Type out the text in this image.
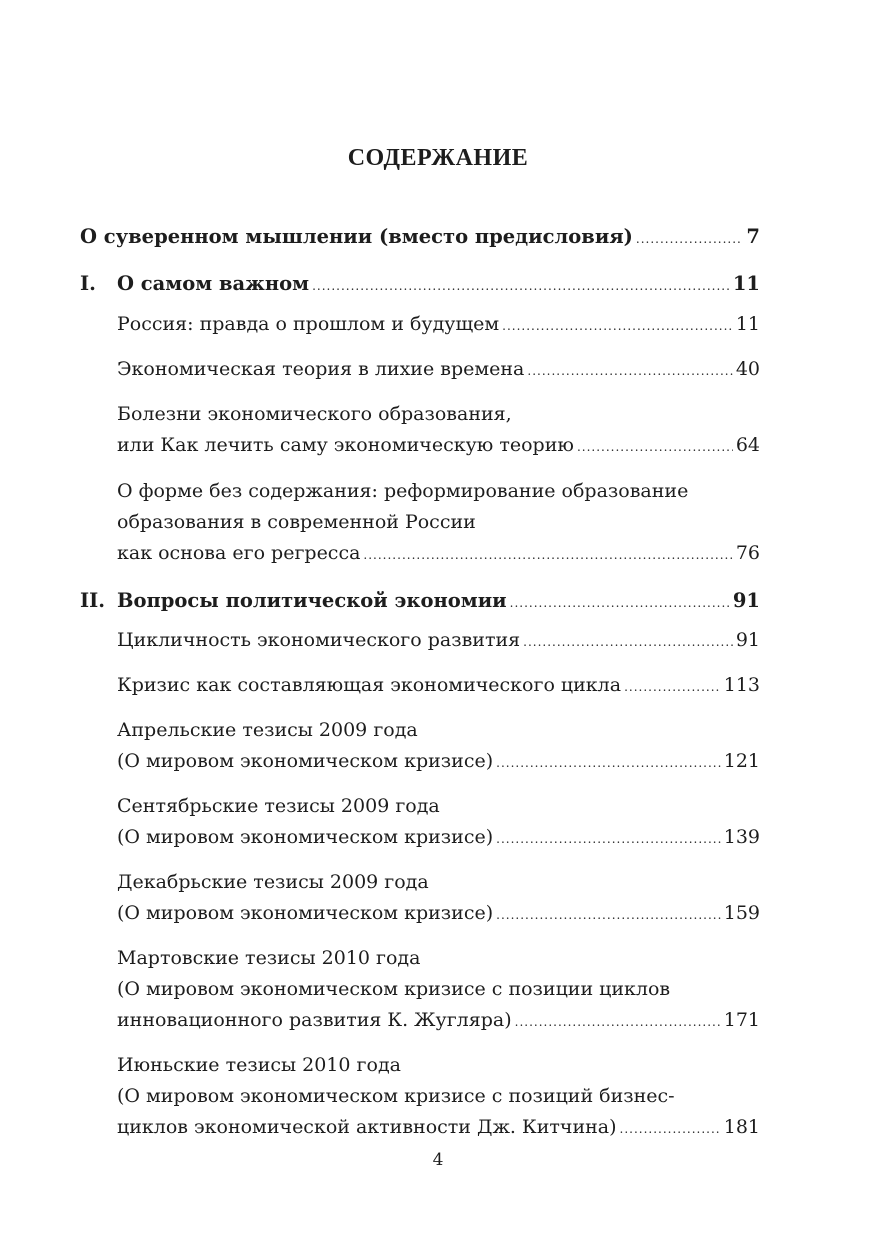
СОДЕРЖАНИЕ
О суверенном мышлении (вместо предисловия) .....	7
I. О самом важном .....	11
Россия: правда о прошлом и будущем .....	11
Экономическая теория в лихие времена .....	40
Болезни экономического образования,
или Как лечить саму экономическую теорию .....	64
О форме без содержания: реформирование образование
образования в современной России
как основа его регресса .....	76
II. Вопросы политической экономии .....	91
Цикличность экономического развития .....	91
Кризис как составляющая экономического цикла .....	113
Апрельские тезисы 2009 года
(О мировом экономическом кризисе) .....	121
Сентябрьские тезисы 2009 года
(О мировом экономическом кризисе) .....	139
Декабрьские тезисы 2009 года
(О мировом экономическом кризисе) .....	159
Мартовские тезисы 2010 года
(О мировом экономическом кризисе с позиции циклов
инновационного развития К. Жугляра) .....	171
Июньские тезисы 2010 года
(О мировом экономическом кризисе с позиций бизнес-
циклов экономической активности Дж. Китчина) .....	181
4
